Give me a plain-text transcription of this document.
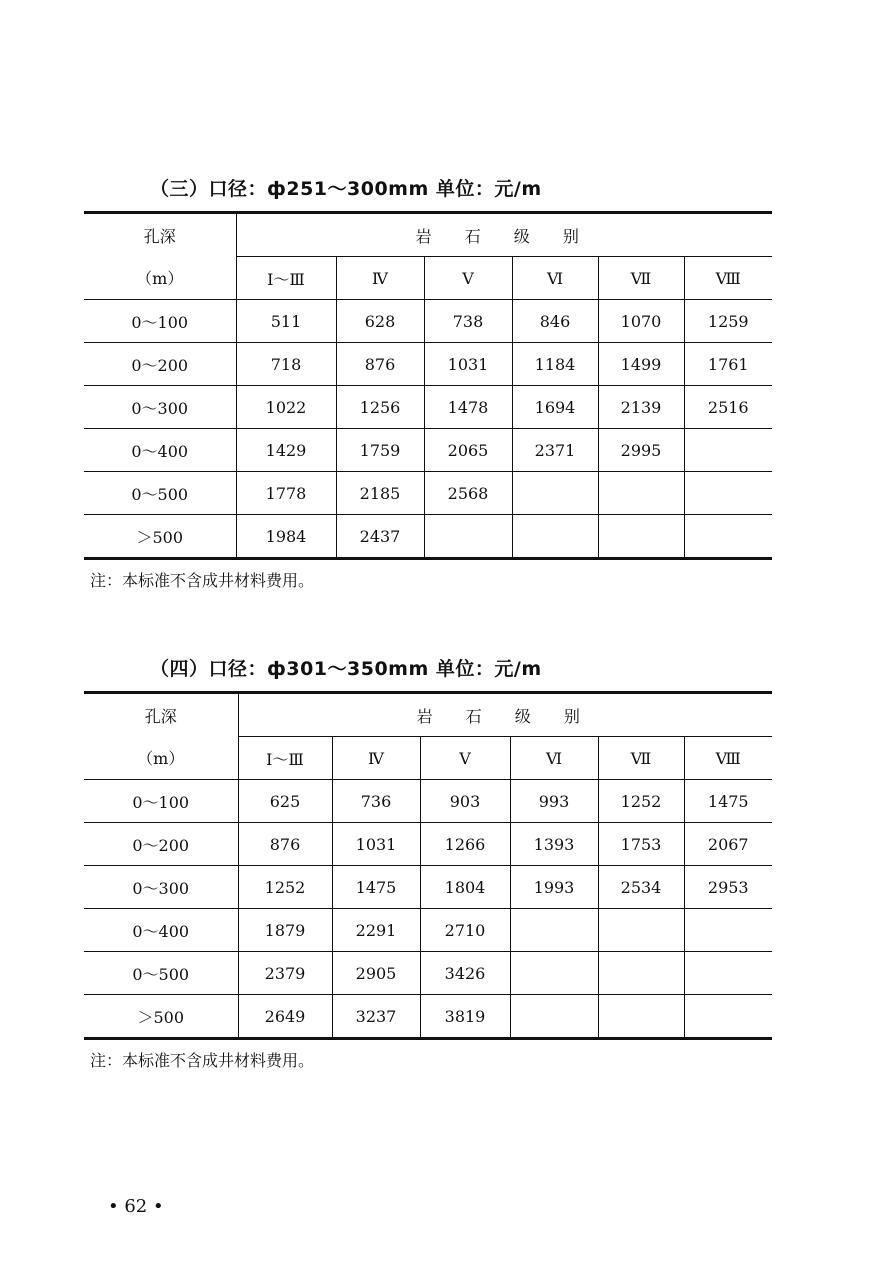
（三）口径：ф251～300mm 单位：元/m
孔深	岩 石 级 别					
（m）	Ⅰ～Ⅲ	Ⅳ	Ⅴ	Ⅵ	Ⅶ	Ⅷ
0～100	511	628	738	846	1070	1259
0～200	718	876	1031	1184	1499	1761
0～300	1022	1256	1478	1694	2139	2516
0～400	1429	1759	2065	2371	2995	
0～500	1778	2185	2568			
＞500	1984	2437				
注：本标准不含成井材料费用。
（四）口径：ф301～350mm 单位：元/m
孔深	岩 石 级 别					
（m）	Ⅰ～Ⅲ	Ⅳ	Ⅴ	Ⅵ	Ⅶ	Ⅷ
0～100	625	736	903	993	1252	1475
0～200	876	1031	1266	1393	1753	2067
0～300	1252	1475	1804	1993	2534	2953
0～400	1879	2291	2710			
0～500	2379	2905	3426			
＞500	2649	3237	3819			
注：本标准不含成井材料费用。
• 62 •
